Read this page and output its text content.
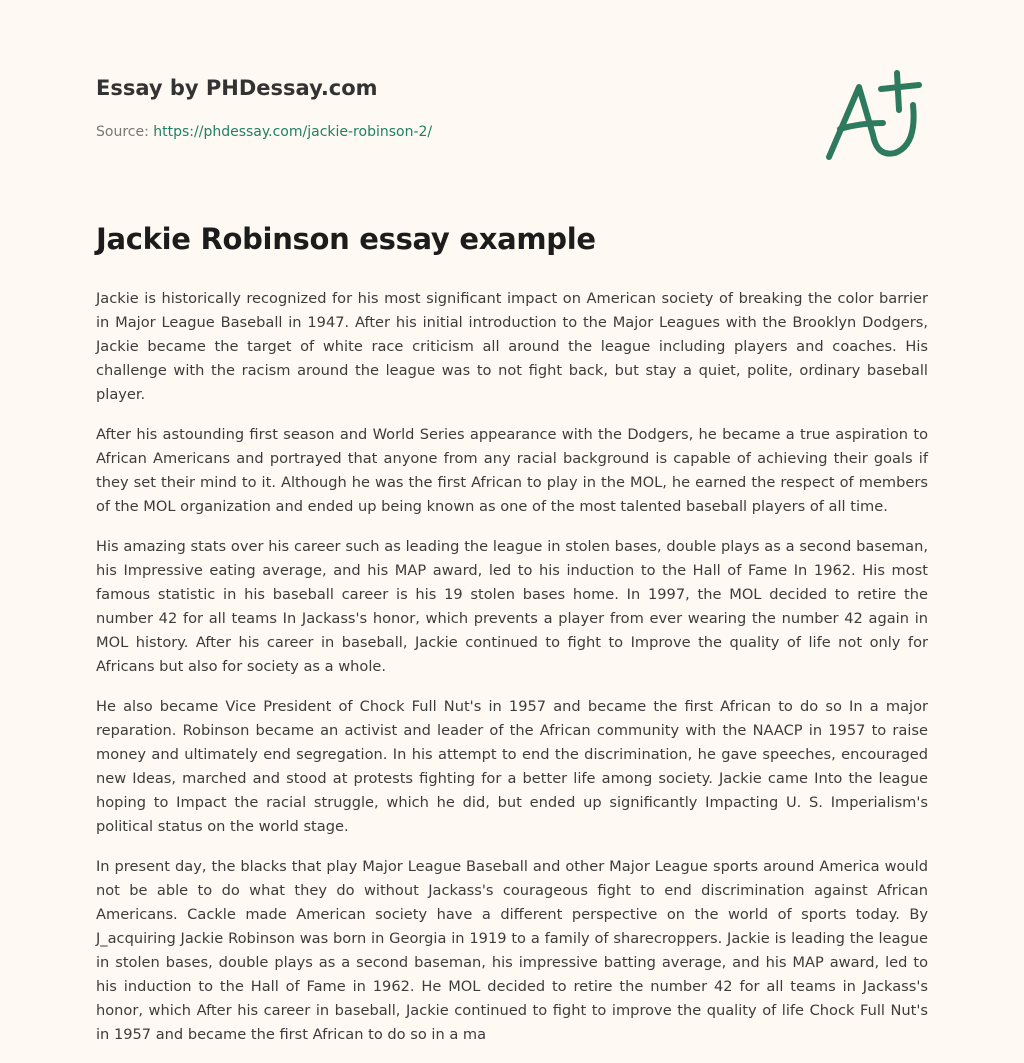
Essay by PHDessay.com
Source: https://phdessay.com/jackie-robinson-2/
Jackie Robinson essay example

Jackie is historically recognized for his most significant impact on American society of breaking the color barrier in Major League Baseball in 1947. After his initial introduction to the Major Leagues with the Brooklyn Dodgers, Jackie became the target of white race criticism all around the league including players and coaches. His challenge with the racism around the league was to not fight back, but stay a quiet, polite, ordinary baseball player.

After his astounding first season and World Series appearance with the Dodgers, he became a true aspiration to African Americans and portrayed that anyone from any racial background is capable of achieving their goals if they set their mind to it. Although he was the first African to play in the MOL, he earned the respect of members of the MOL organization and ended up being known as one of the most talented baseball players of all time.

His amazing stats over his career such as leading the league in stolen bases, double plays as a second baseman, his Impressive eating average, and his MAP award, led to his induction to the Hall of Fame In 1962. His most famous statistic in his baseball career is his 19 stolen bases home. In 1997, the MOL decided to retire the number 42 for all teams In Jackass's honor, which prevents a player from ever wearing the number 42 again in MOL history. After his career in baseball, Jackie continued to fight to Improve the quality of life not only for Africans but also for society as a whole.

He also became Vice President of Chock Full Nut's in 1957 and became the first African to do so In a major reparation. Robinson became an activist and leader of the African community with the NAACP in 1957 to raise money and ultimately end segregation. In his attempt to end the discrimination, he gave speeches, encouraged new Ideas, marched and stood at protests fighting for a better life among society. Jackie came Into the league hoping to Impact the racial struggle, which he did, but ended up significantly Impacting U. S. Imperialism's political status on the world stage.

In present day, the blacks that play Major League Baseball and other Major League sports around America would not be able to do what they do without Jackass's courageous fight to end discrimination against African Americans. Cackle made American society have a different perspective on the world of sports today. By J_acquiring Jackie Robinson was born in Georgia in 1919 to a family of sharecroppers. Jackie is leading the league in stolen bases, double plays as a second baseman, his impressive batting average, and his MAP award, led to his induction to the Hall of Fame in 1962. He MOL decided to retire the number 42 for all teams in Jackass's honor, which After his career in baseball, Jackie continued to fight to improve the quality of life Chock Full Nut's in 1957 and became the first African to do so in a ma
